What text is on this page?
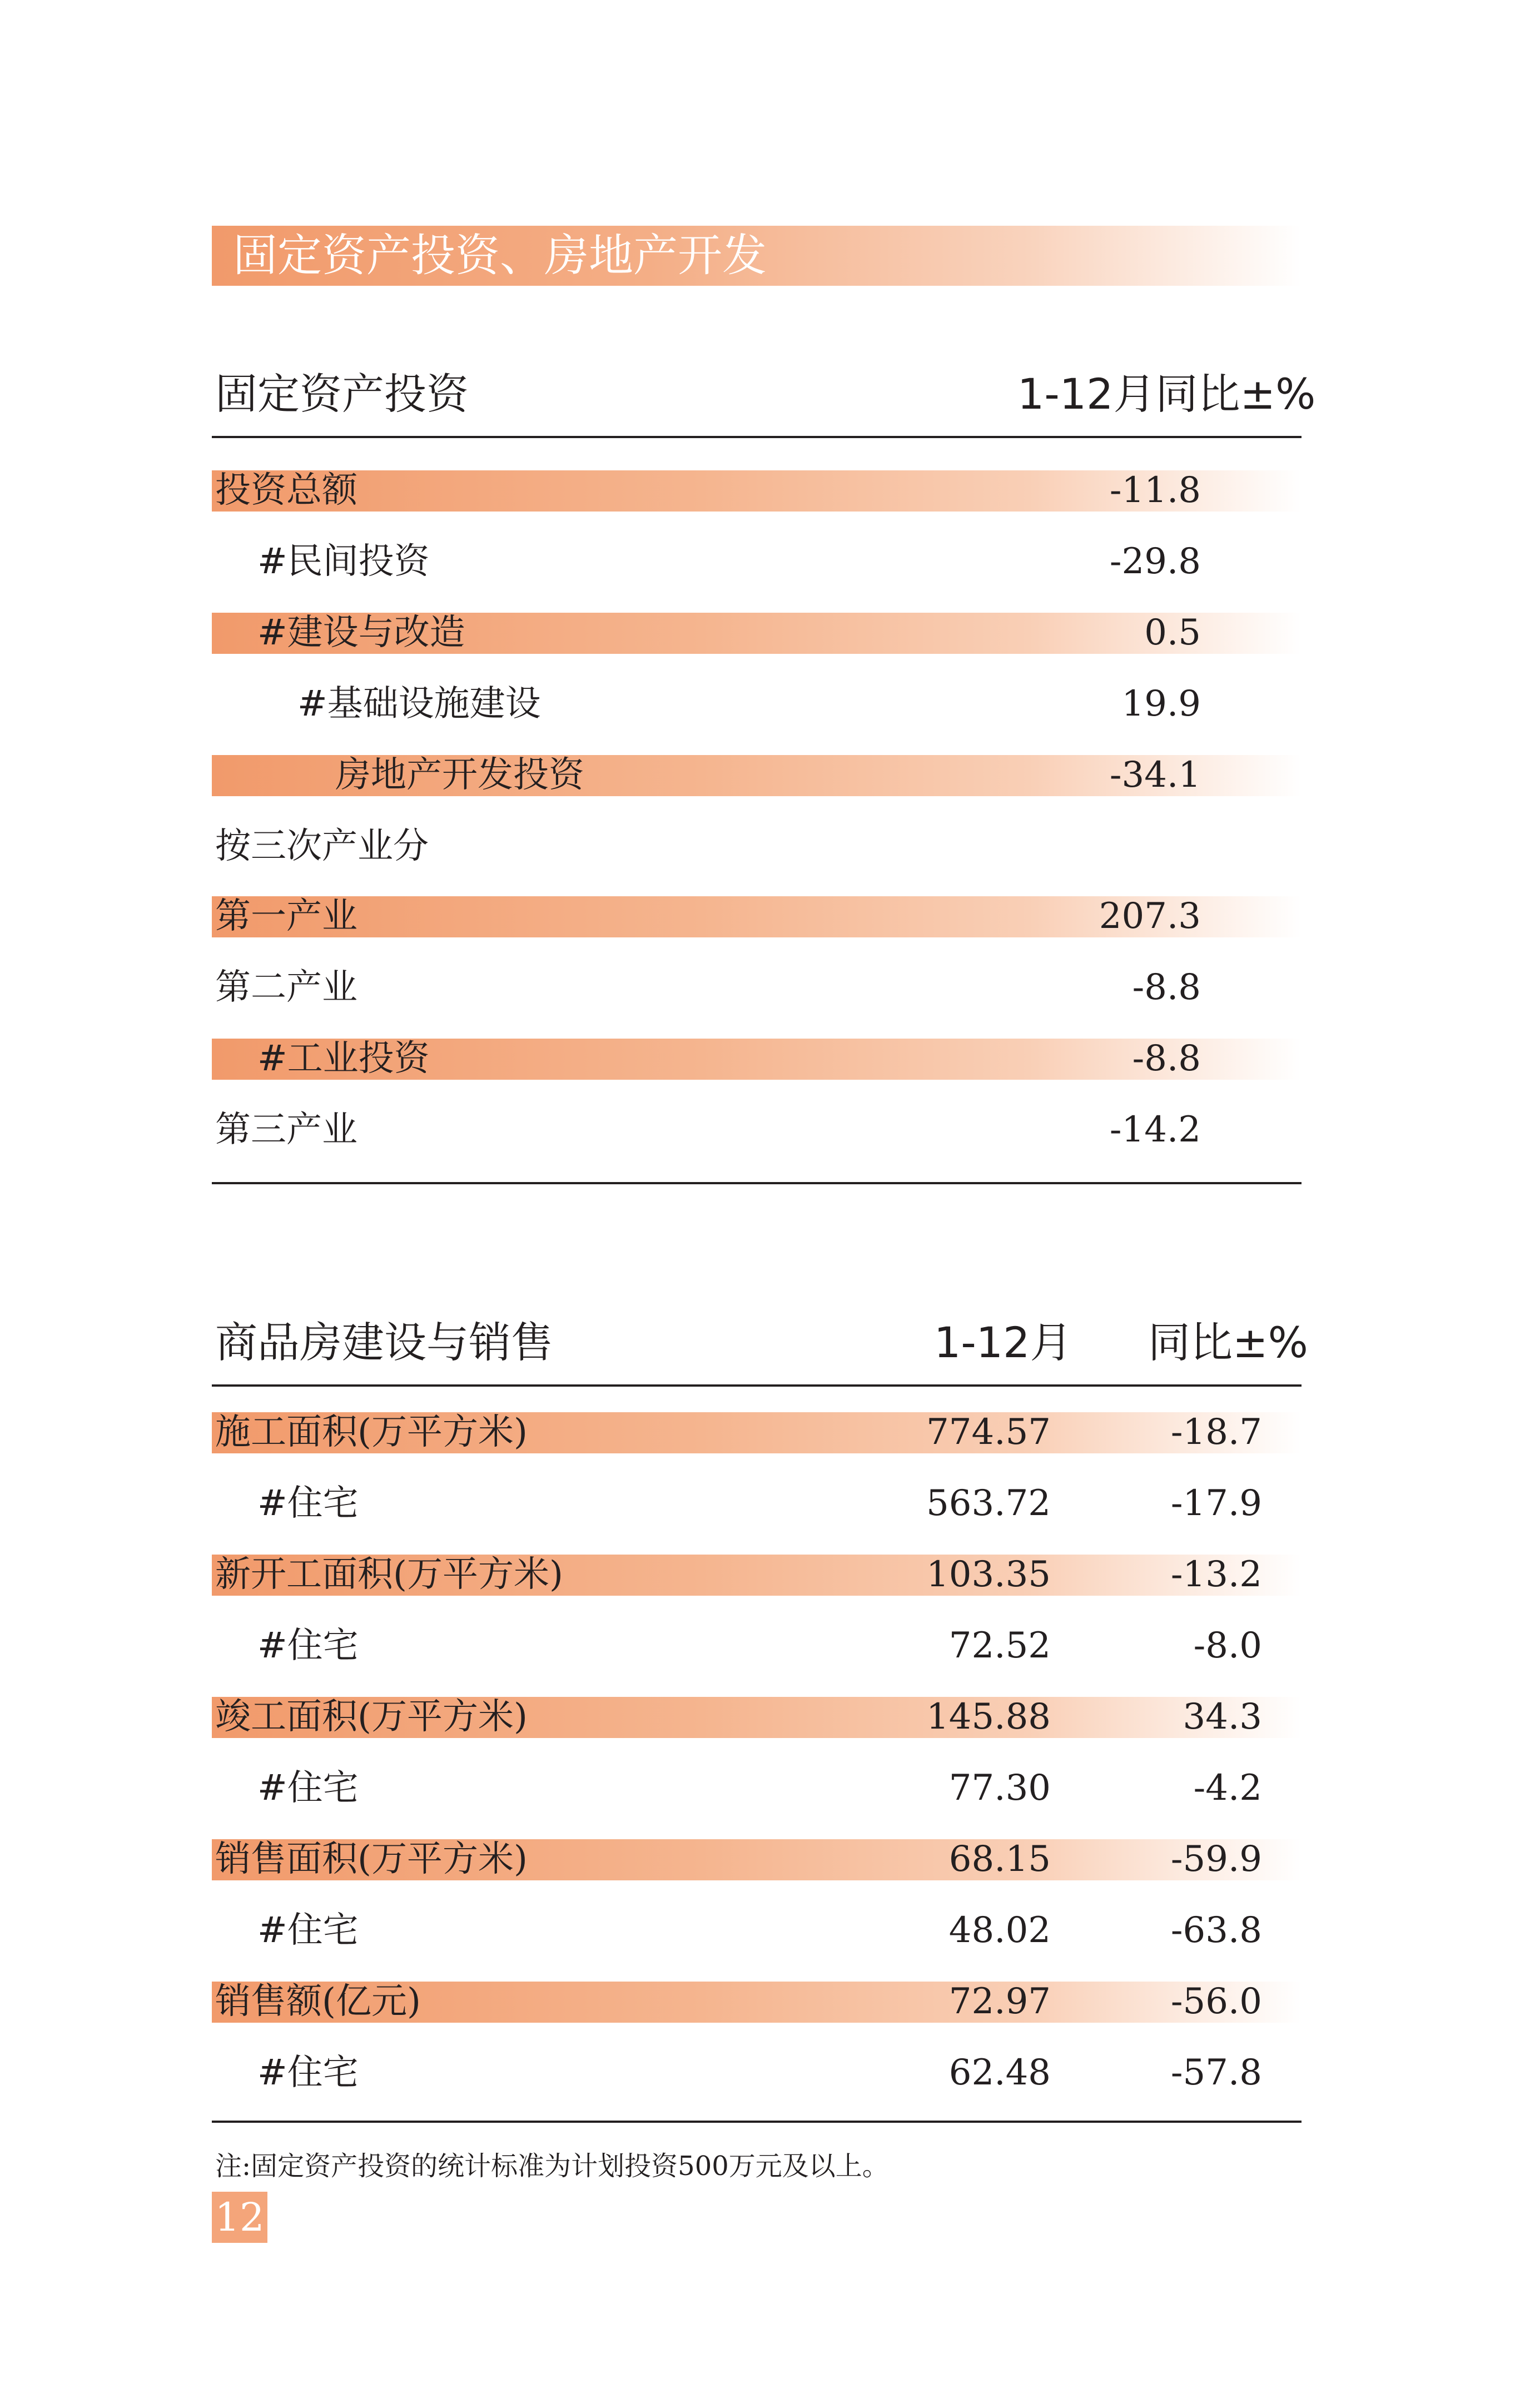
固定资产投资、房地产开发
固定资产投资	1-12月同比±%
投资总额	-11.8
#民间投资	-29.8
#建设与改造	0.5
#基础设施建设	19.9
房地产开发投资	-34.1
按三次产业分
第一产业	207.3
第二产业	-8.8
#工业投资	-8.8
第三产业	-14.2
商品房建设与销售	1-12月 同比±%
施工面积(万平方米)	774.57	-18.7
#住宅	563.72	-17.9
新开工面积(万平方米)	103.35	-13.2
#住宅	72.52	-8.0
竣工面积(万平方米)	145.88	34.3
#住宅	77.30	-4.2
销售面积(万平方米)	68.15	-59.9
#住宅	48.02	-63.8
销售额(亿元)	72.97	-56.0
#住宅	62.48	-57.8
注:固定资产投资的统计标准为计划投资500万元及以上。
12
